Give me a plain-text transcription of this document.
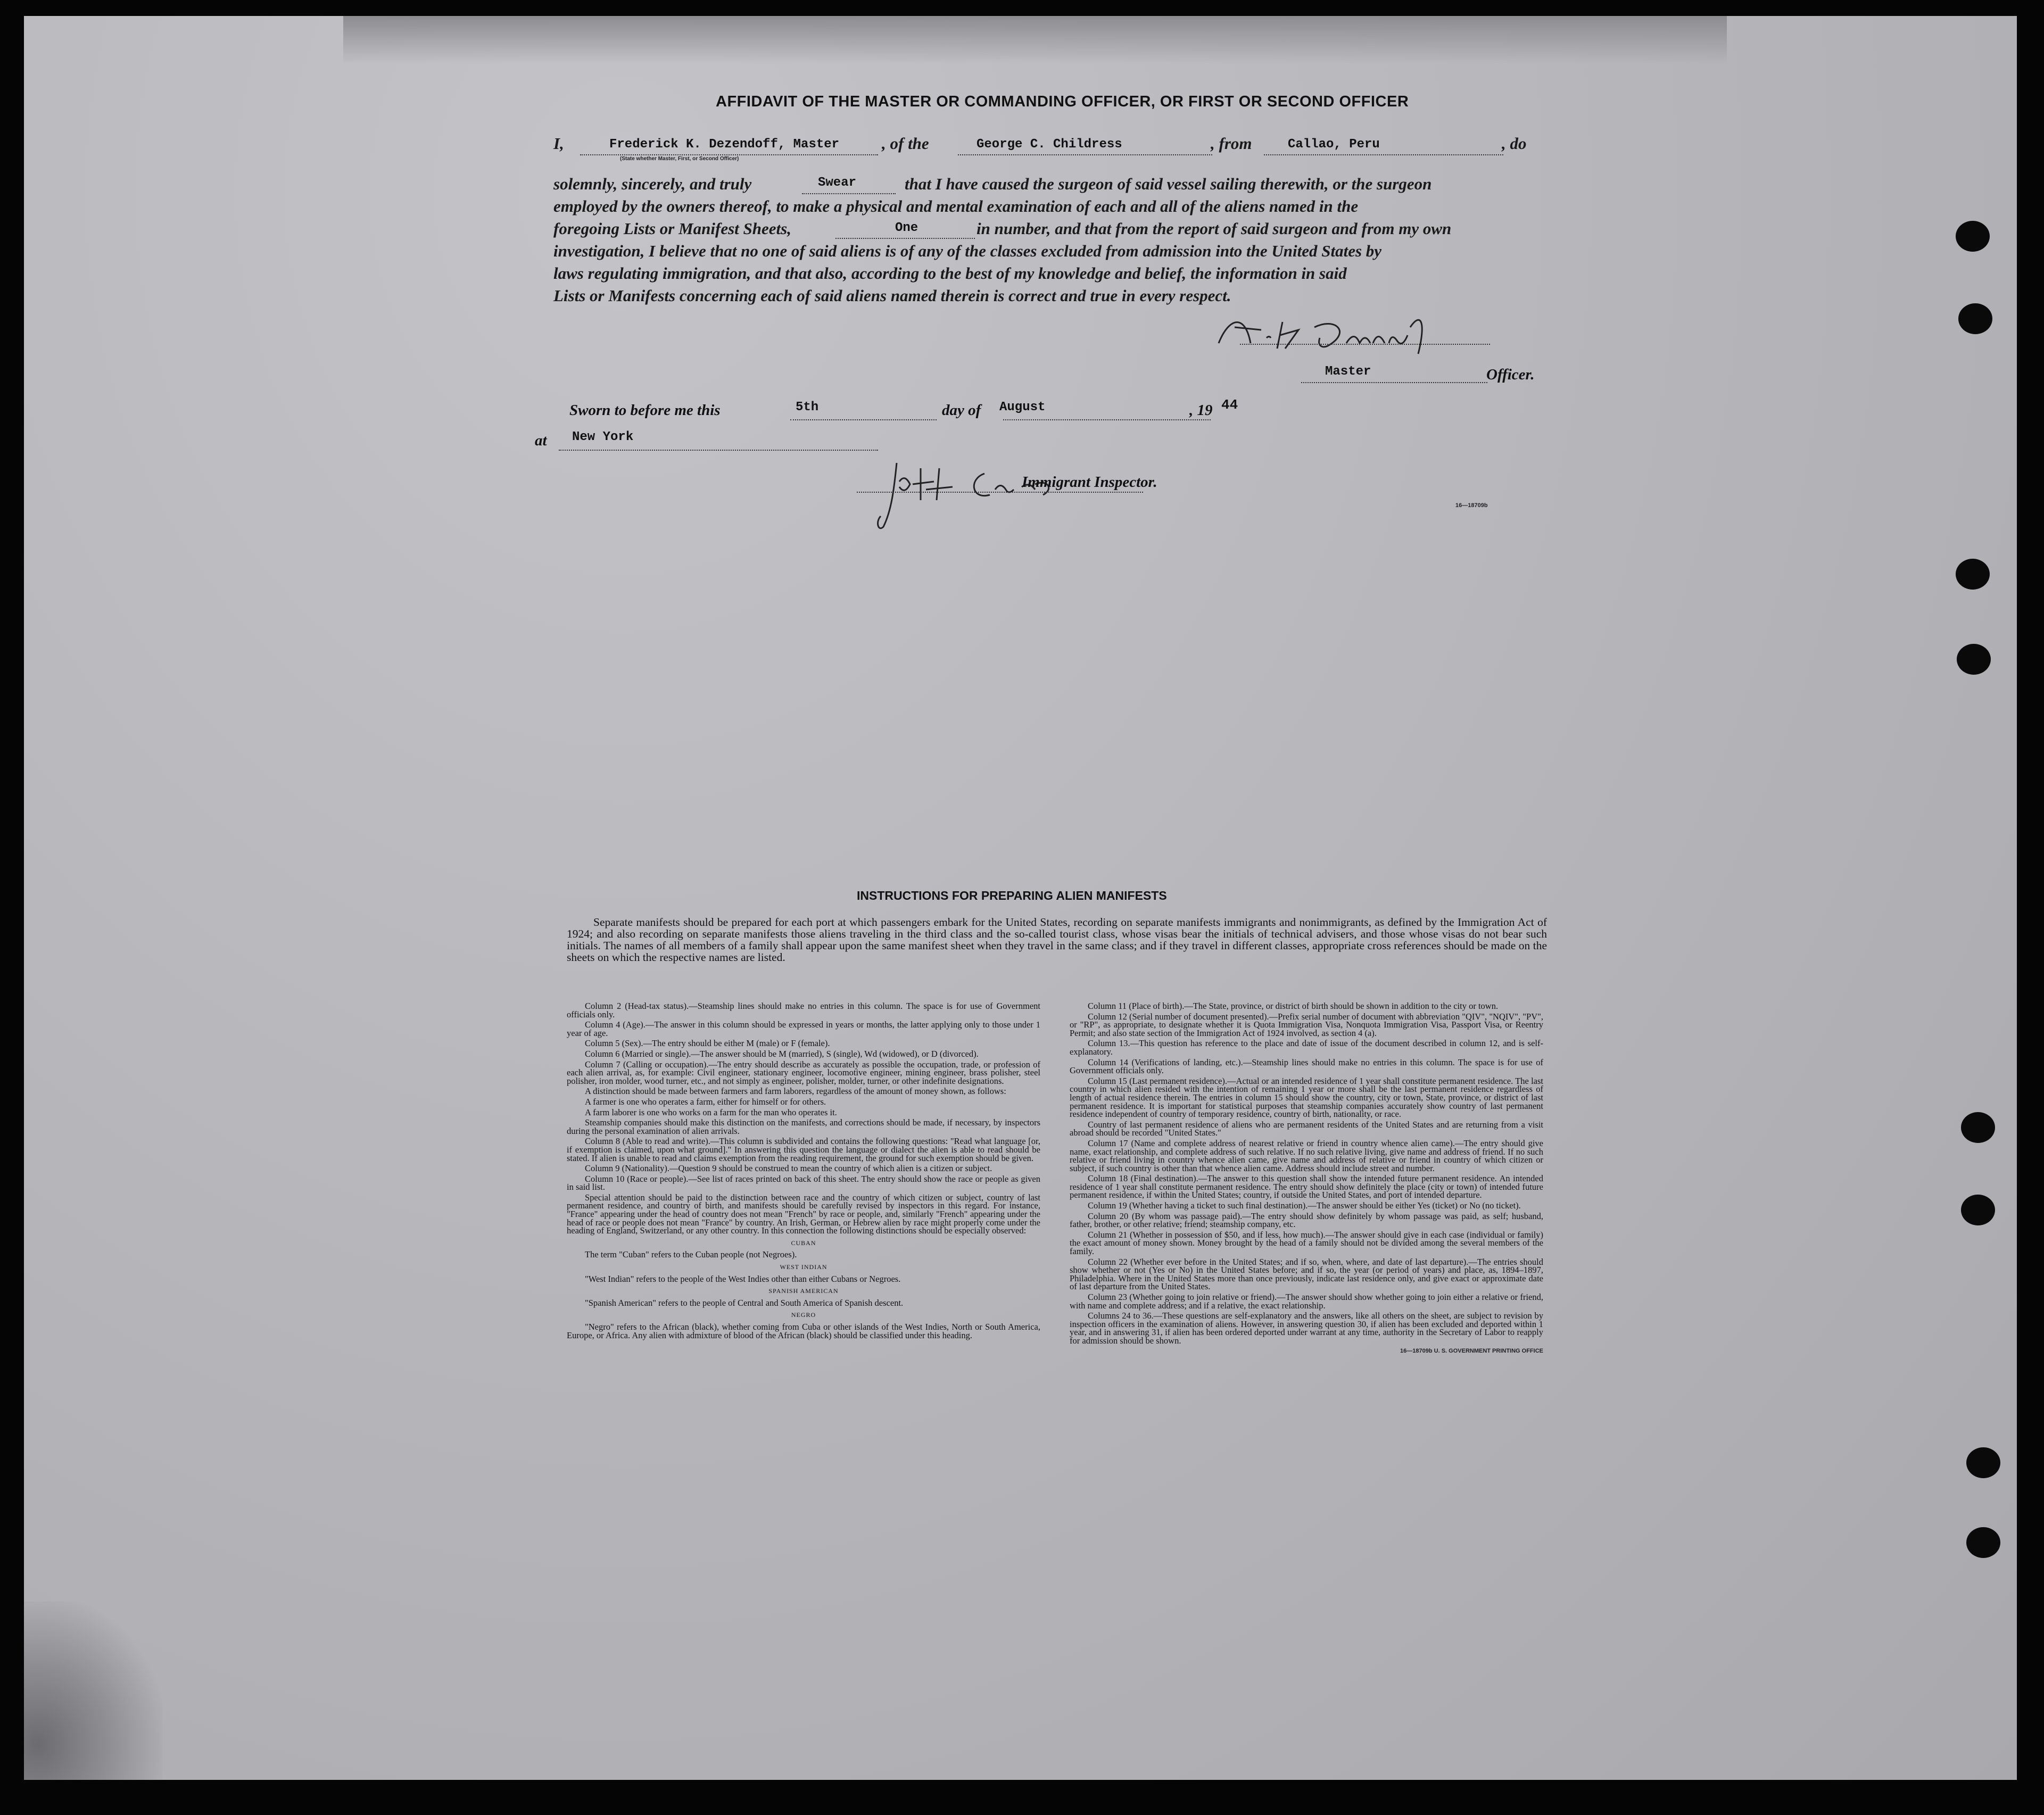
AFFIDAVIT OF THE MASTER OR COMMANDING OFFICER, OR FIRST OR SECOND OFFICER
I,	Frederick K. Dezendoff, Master	, of the	George C. Childress	, from	Callao, Peru	, do
(State whether Master, First, or Second Officer)
solemnly, sincerely, and truly	Swear	that I have caused the surgeon of said vessel sailing therewith, or the surgeon
employed by the owners thereof, to make a physical and mental examination of each and all of the aliens named in the
foregoing Lists or Manifest Sheets,	One	in number, and that from the report of said surgeon and from my own
investigation, I believe that no one of said aliens is of any of the classes excluded from admission into the United States by
laws regulating immigration, and that also, according to the best of my knowledge and belief, the information in said
Lists or Manifests concerning each of said aliens named therein is correct and true in every respect.
Master	Officer.
Sworn to before me this	5th	day of August	, 19 44
at New York
Immigrant Inspector.
16—18709b
INSTRUCTIONS FOR PREPARING ALIEN MANIFESTS
Separate manifests should be prepared for each port at which passengers embark for the United States, recording on separate manifests immigrants and nonimmigrants, as defined by the Immigration Act of 1924; and also recording on separate manifests those aliens traveling in the third class and the so-called tourist class, whose visas bear the initials of technical advisers, and those whose visas do not bear such initials. The names of all members of a family shall appear upon the same manifest sheet when they travel in the same class; and if they travel in different classes, appropriate cross references should be made on the sheets on which the respective names are listed.

Column 2 (Head-tax status).—Steamship lines should make no entries in this column. The space is for use of Government officials only.

Column 4 (Age).—The answer in this column should be expressed in years or months, the latter applying only to those under 1 year of age.

Column 5 (Sex).—The entry should be either M (male) or F (female).

Column 6 (Married or single).—The answer should be M (married), S (single), Wd (widowed), or D (divorced).

Column 7 (Calling or occupation).—The entry should describe as accurately as possible the occupation, trade, or profession of each alien arrival, as, for example: Civil engineer, stationary engineer, locomotive engineer, mining engineer, brass polisher, steel polisher, iron molder, wood turner, etc., and not simply as engineer, polisher, molder, turner, or other indefinite designations.

A distinction should be made between farmers and farm laborers, regardless of the amount of money shown, as follows:

A farmer is one who operates a farm, either for himself or for others.

A farm laborer is one who works on a farm for the man who operates it.

Steamship companies should make this distinction on the manifests, and corrections should be made, if necessary, by inspectors during the personal examination of alien arrivals.

Column 8 (Able to read and write).—This column is subdivided and contains the following questions: "Read what language [or, if exemption is claimed, upon what ground]." In answering this question the language or dialect the alien is able to read should be stated. If alien is unable to read and claims exemption from the reading requirement, the ground for such exemption should be given.

Column 9 (Nationality).—Question 9 should be construed to mean the country of which alien is a citizen or subject.

Column 10 (Race or people).—See list of races printed on back of this sheet. The entry should show the race or people as given in said list.

Special attention should be paid to the distinction between race and the country of which citizen or subject, country of last permanent residence, and country of birth, and manifests should be carefully revised by inspectors in this regard. For instance, "France" appearing under the head of country does not mean "French" by race or people, and, similarly "French" appearing under the head of race or people does not mean "France" by country. An Irish, German, or Hebrew alien by race might properly come under the heading of England, Switzerland, or any other country. In this connection the following distinctions should be especially observed:

CUBAN

The term "Cuban" refers to the Cuban people (not Negroes).

WEST INDIAN

"West Indian" refers to the people of the West Indies other than either Cubans or Negroes.

SPANISH AMERICAN

"Spanish American" refers to the people of Central and South America of Spanish descent.

NEGRO

"Negro" refers to the African (black), whether coming from Cuba or other islands of the West Indies, North or South America, Europe, or Africa. Any alien with admixture of blood of the African (black) should be classified under this heading.

Column 11 (Place of birth).—The State, province, or district of birth should be shown in addition to the city or town.

Column 12 (Serial number of document presented).—Prefix serial number of document with abbreviation "QIV", "NQIV", "PV", or "RP", as appropriate, to designate whether it is Quota Immigration Visa, Nonquota Immigration Visa, Passport Visa, or Reentry Permit; and also state section of the Immigration Act of 1924 involved, as section 4 (a).

Column 13.—This question has reference to the place and date of issue of the document described in column 12, and is self-explanatory.

Column 14 (Verifications of landing, etc.).—Steamship lines should make no entries in this column. The space is for use of Government officials only.

Column 15 (Last permanent residence).—Actual or an intended residence of 1 year shall constitute permanent residence. The last country in which alien resided with the intention of remaining 1 year or more shall be the last permanent residence regardless of length of actual residence therein. The entries in column 15 should show the country, city or town, State, province, or district of last permanent residence. It is important for statistical purposes that steamship companies accurately show country of last permanent residence independent of country of temporary residence, country of birth, nationality, or race.

Country of last permanent residence of aliens who are permanent residents of the United States and are returning from a visit abroad should be recorded "United States."

Column 17 (Name and complete address of nearest relative or friend in country whence alien came).—The entry should give name, exact relationship, and complete address of such relative. If no such relative living, give name and address of friend. If no such relative or friend living in country whence alien came, give name and address of relative or friend in country of which citizen or subject, if such country is other than that whence alien came. Address should include street and number.

Column 18 (Final destination).—The answer to this question shall show the intended future permanent residence. An intended residence of 1 year shall constitute permanent residence. The entry should show definitely the place (city or town) of intended future permanent residence, if within the United States; country, if outside the United States, and port of intended departure.

Column 19 (Whether having a ticket to such final destination).—The answer should be either Yes (ticket) or No (no ticket).

Column 20 (By whom was passage paid).—The entry should show definitely by whom passage was paid, as self; husband, father, brother, or other relative; friend; steamship company, etc.

Column 21 (Whether in possession of $50, and if less, how much).—The answer should give in each case (individual or family) the exact amount of money shown. Money brought by the head of a family should not be divided among the several members of the family.

Column 22 (Whether ever before in the United States; and if so, when, where, and date of last departure).—The entries should show whether or not (Yes or No) in the United States before; and if so, the year (or period of years) and place, as, 1894–1897, Philadelphia. Where in the United States more than once previously, indicate last residence only, and give exact or approximate date of last departure from the United States.

Column 23 (Whether going to join relative or friend).—The answer should show whether going to join either a relative or friend, with name and complete address; and if a relative, the exact relationship.

Columns 24 to 36.—These questions are self-explanatory and the answers, like all others on the sheet, are subject to revision by inspection officers in the examination of aliens. However, in answering question 30, if alien has been excluded and deported within 1 year, and in answering 31, if alien has been ordered deported under warrant at any time, authority in the Secretary of Labor to reapply for admission should be shown.

16—18709b U. S. GOVERNMENT PRINTING OFFICE
